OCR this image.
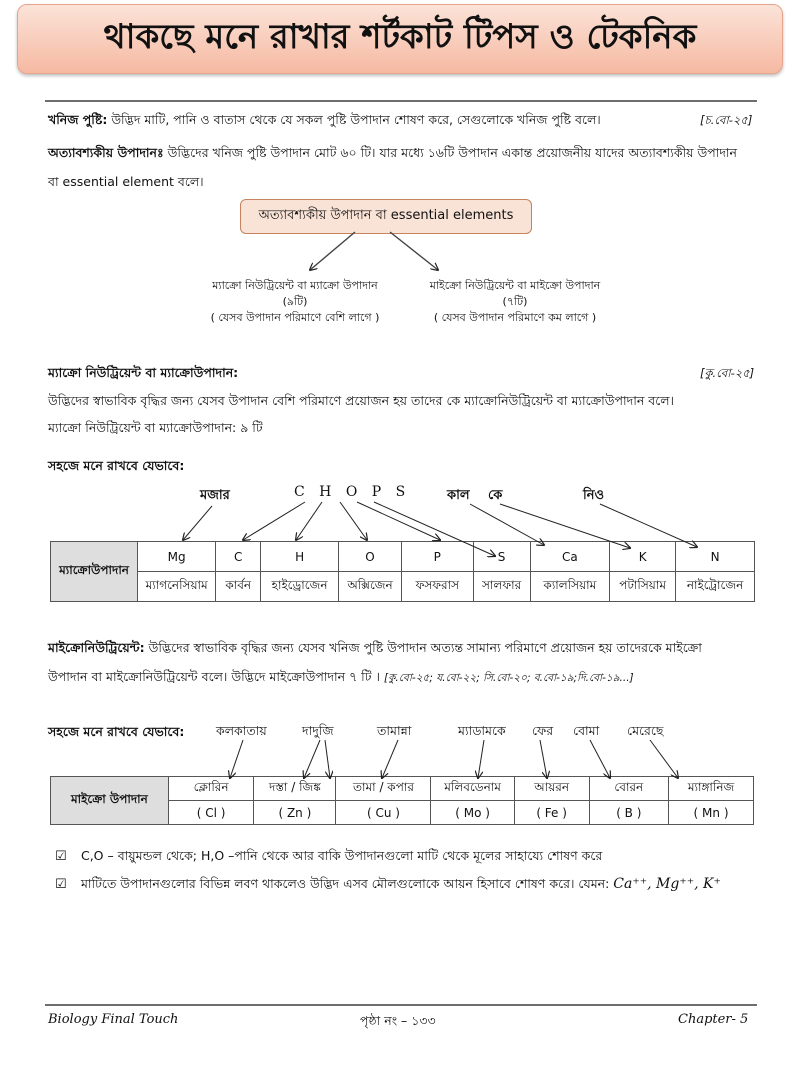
থাকছে মনে রাখার শর্টকাট টিপস ও টেকনিক
খনিজ পুষ্টি: উদ্ভিদ মাটি, পানি ও বাতাস থেকে যে সকল পুষ্টি উপাদান শোষণ করে, সেগুলোকে খনিজ পুষ্টি বলে।	[চ.বো-২৫]
অত্যাবশ্যকীয় উপাদানঃ উদ্ভিদের খনিজ পুষ্টি উপাদান মোট ৬০ টি। যার মধ্যে ১৬টি উপাদান একান্ত প্রয়োজনীয় যাদের অত্যাবশ্যকীয় উপাদান
বা essential element বলে।
অত্যাবশ্যকীয় উপাদান বা essential elements
ম্যাক্রো নিউট্রিয়েন্ট বা ম্যাক্রো উপাদান
(৯টি)
( যেসব উপাদান পরিমাণে বেশি লাগে )
মাইক্রো নিউট্রিয়েন্ট বা মাইক্রো উপাদান
(৭টি)
( যেসব উপাদান পরিমাণে কম লাগে )
ম্যাক্রো নিউট্রিয়েন্ট বা ম্যাক্রোউপাদান:	[কু.বো-২৫]
উদ্ভিদের স্বাভাবিক বৃদ্ধির জন্য যেসব উপাদান বেশি পরিমাণে প্রয়োজন হয় তাদের কে ম্যাক্রোনিউট্রিয়েন্ট বা ম্যাক্রোউপাদান বলে।
ম্যাক্রো নিউট্রিয়েন্ট বা ম্যাক্রোউপাদান: ৯ টি
সহজে মনে রাখবে যেভাবে:
মজার	C H O P S	কাল কে	নিও
ম্যাক্রোউপাদান	Mg	C	H	O	P	S	Ca	K	N
	ম্যাগনেসিয়াম	কার্বন	হাইড্রোজেন	অক্সিজেন	ফসফরাস	সালফার	ক্যালসিয়াম	পটাসিয়াম	নাইট্রোজেন
মাইক্রোনিউট্রিয়েন্ট: উদ্ভিদের স্বাভাবিক বৃদ্ধির জন্য যেসব খনিজ পুষ্টি উপাদান অত্যন্ত সামান্য পরিমাণে প্রয়োজন হয় তাদেরকে মাইক্রো
উপাদান বা মাইক্রোনিউট্রিয়েন্ট বলে। উদ্ভিদে মাইক্রোউপাদান ৭ টি । [কু.বো-২৫; য.বো-২২; সি.বো-২০; ব.বো-১৯;দি.বো-১৯...]
সহজে মনে রাখবে যেভাবে:	কলকাতায়	দাদুজি	তামান্না	ম্যাডামকে ফের বোমা মেরেছে
মাইক্রো উপাদান	ক্লোরিন	দস্তা / জিঙ্ক	তামা / কপার	মলিবডেনাম	আয়রন	বোরন	ম্যাঙ্গানিজ
	( Cl )	( Zn )	( Cu )	( Mo )	( Fe )	( B )	( Mn )
☑ C,O – বায়ুমন্ডল থেকে; H,O –পানি থেকে আর বাকি উপাদানগুলো মাটি থেকে মূলের সাহায্যে শোষণ করে
☑ মাটিতে উপাদানগুলোর বিভিন্ন লবণ থাকলেও উদ্ভিদ এসব মৌলগুলোকে আয়ন হিসাবে শোষণ করে। যেমন: Ca⁺⁺, Mg⁺⁺, K⁺
Biology Final Touch	পৃষ্ঠা নং – ১৩৩	Chapter- 5
